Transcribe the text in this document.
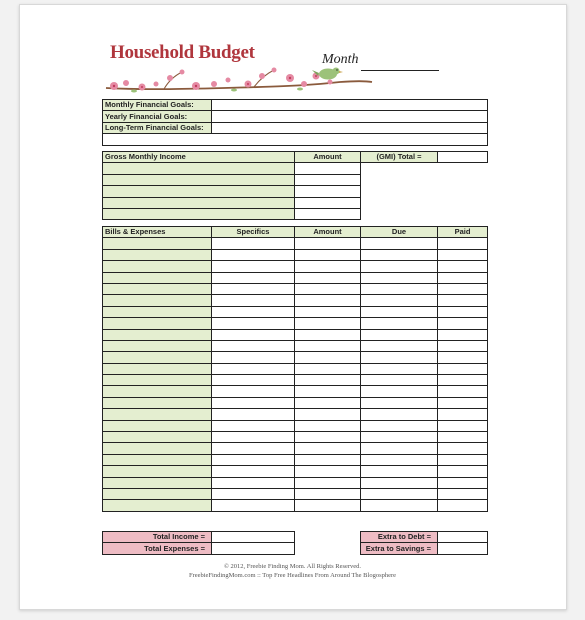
Household Budget	Month
Monthly Financial Goals:	
Yearly Financial Goals:	
Long-Term Financial Goals:	

Gross Monthly Income	Amount	(GMI) Total =	

Bills & Expenses	Specifics	Amount	Due	Paid

Total Income =			Extra to Debt =	
Total Expenses =			Extra to Savings =	
© 2012, Freebie Finding Mom. All Rights Reserved.
FreebieFindingMom.com :: Top Free Headlines From Around The Blogosphere
